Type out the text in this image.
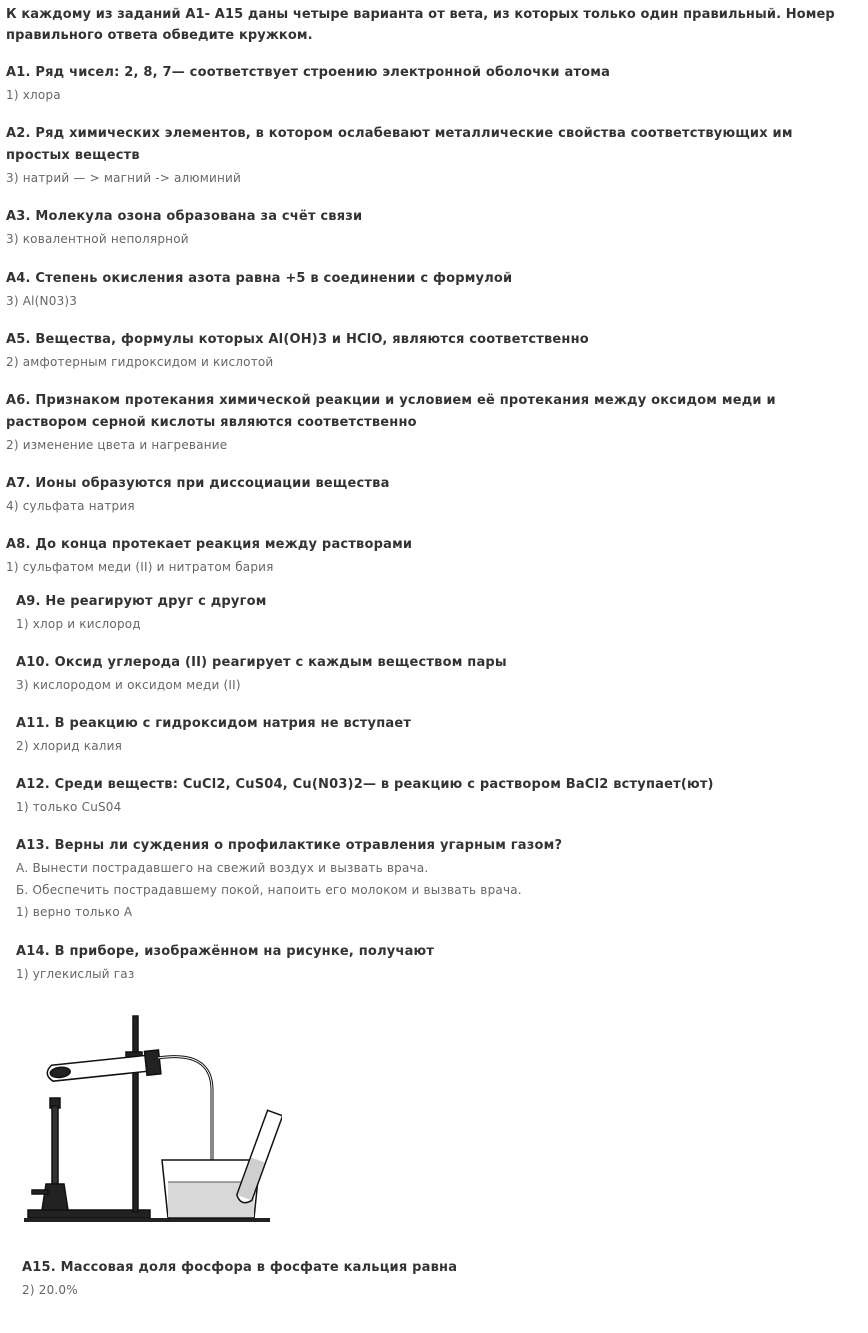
К каждому из заданий А1- А15 даны четыре варианта от вета, из которых только один правильный. Номер правильного ответа обведите кружком.
А1. Ряд чисел: 2, 8, 7— соответствует строению электронной оболочки атома
1) хлора
А2. Ряд химических элементов, в котором ослабевают металлические свойства соответствующих им простых веществ
3) натрий — > магний -> алюминий
А3. Молекула озона образована за счёт связи
3) ковалентной неполярной
А4. Степень окисления азота равна +5 в соединении с формулой
3) Al(N03)3
А5. Вещества, формулы которых Al(OH)3 и HClO, являются соответственно
2) амфотерным гидроксидом и кислотой
А6. Признаком протекания химической реакции и условием её протекания между оксидом меди и раствором серной кислоты являются соответственно
2) изменение цвета и нагревание
А7. Ионы образуются при диссоциации вещества
4) сульфата натрия
А8. До конца протекает реакция между растворами
1) сульфатом меди (II) и нитратом бария
А9. Не реагируют друг с другом
1) хлор и кислород
А10. Оксид углерода (II) реагирует с каждым веществом пары
3) кислородом и оксидом меди (II)
А11. В реакцию с гидроксидом натрия не вступает
2) хлорид калия
А12. Среди веществ: CuCl2, CuS04, Cu(N03)2— в реакцию с раствором BaCl2 вступает(ют)
1) только CuS04
А13. Верны ли суждения о профилактике отравления угарным газом?
А. Вынести пострадавшего на свежий воздух и вызвать врача.
Б. Обеспечить пострадавшему покой, напоить его молоком и вызвать врача.
1) верно только А
А14. В приборе, изображённом на рисунке, получают
1) углекислый газ
А15. Массовая доля фосфора в фосфате кальция равна
2) 20.0%
